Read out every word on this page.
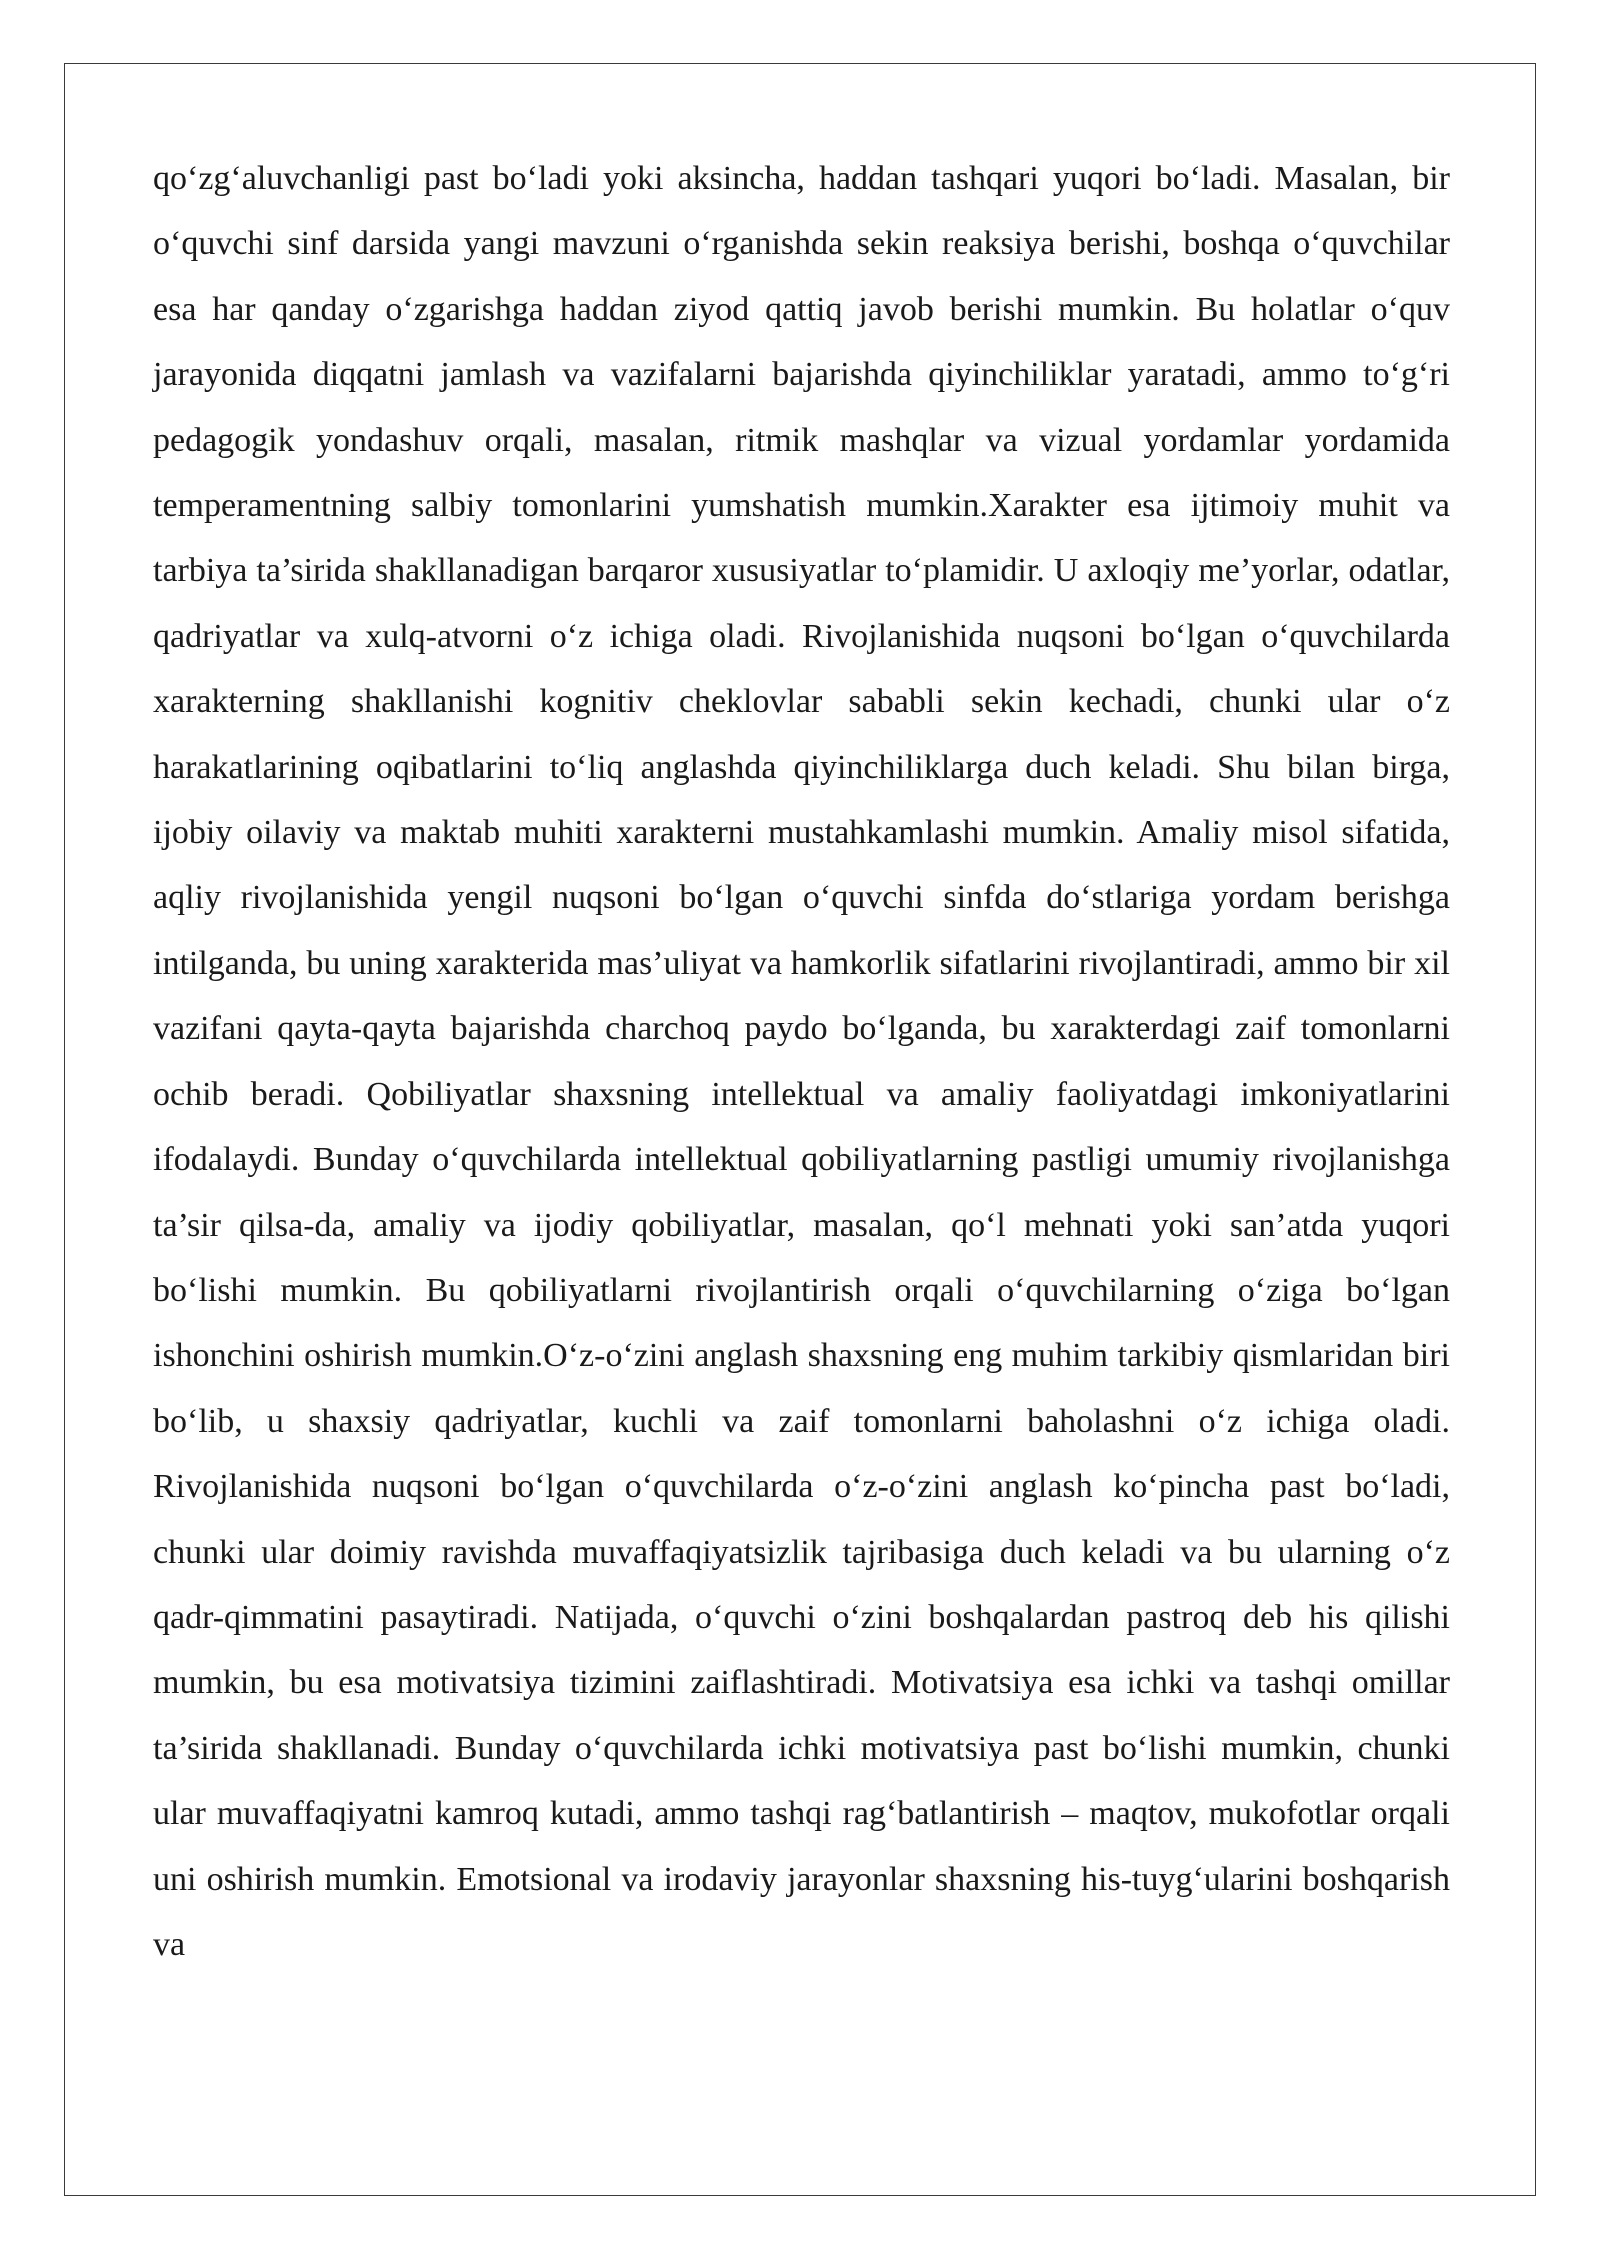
qo‘zg‘aluvchanligi past bo‘ladi yoki aksincha, haddan tashqari yuqori bo‘ladi. Masalan, bir o‘quvchi sinf darsida yangi mavzuni o‘rganishda sekin reaksiya berishi, boshqa o‘quvchilar esa har qanday o‘zgarishga haddan ziyod qattiq javob berishi mumkin. Bu holatlar o‘quv jarayonida diqqatni jamlash va vazifalarni bajarishda qiyinchiliklar yaratadi, ammo to‘g‘ri pedagogik yondashuv orqali, masalan, ritmik mashqlar va vizual yordamlar yordamida temperamentning salbiy tomonlarini yumshatish mumkin.Xarakter esa ijtimoiy muhit va tarbiya ta’sirida shakllanadigan barqaror xususiyatlar to‘plamidir. U axloqiy me’yorlar, odatlar, qadriyatlar va xulq-atvorni o‘z ichiga oladi. Rivojlanishida nuqsoni bo‘lgan o‘quvchilarda xarakterning shakllanishi kognitiv cheklovlar sababli sekin kechadi, chunki ular o‘z harakatlarining oqibatlarini to‘liq anglashda qiyinchiliklarga duch keladi. Shu bilan birga, ijobiy oilaviy va maktab muhiti xarakterni mustahkamlashi mumkin. Amaliy misol sifatida, aqliy rivojlanishida yengil nuqsoni bo‘lgan o‘quvchi sinfda do‘stlariga yordam berishga intilganda, bu uning xarakterida mas’uliyat va hamkorlik sifatlarini rivojlantiradi, ammo bir xil vazifani qayta-qayta bajarishda charchoq paydo bo‘lganda, bu xarakterdagi zaif tomonlarni ochib beradi. Qobiliyatlar shaxsning intellektual va amaliy faoliyatdagi imkoniyatlarini ifodalaydi. Bunday o‘quvchilarda intellektual qobiliyatlarning pastligi umumiy rivojlanishga ta’sir qilsa-da, amaliy va ijodiy qobiliyatlar, masalan, qo‘l mehnati yoki san’atda yuqori bo‘lishi mumkin. Bu qobiliyatlarni rivojlantirish orqali o‘quvchilarning o‘ziga bo‘lgan ishonchini oshirish mumkin.O‘z-o‘zini anglash shaxsning eng muhim tarkibiy qismlaridan biri bo‘lib, u shaxsiy qadriyatlar, kuchli va zaif tomonlarni baholashni o‘z ichiga oladi. Rivojlanishida nuqsoni bo‘lgan o‘quvchilarda o‘z-o‘zini anglash ko‘pincha past bo‘ladi, chunki ular doimiy ravishda muvaffaqiyatsizlik tajribasiga duch keladi va bu ularning o‘z qadr-qimmatini pasaytiradi. Natijada, o‘quvchi o‘zini boshqalardan pastroq deb his qilishi mumkin, bu esa motivatsiya tizimini zaiflashtiradi. Motivatsiya esa ichki va tashqi omillar ta’sirida shakllanadi. Bunday o‘quvchilarda ichki motivatsiya past bo‘lishi mumkin, chunki ular muvaffaqiyatni kamroq kutadi, ammo tashqi rag‘batlantirish – maqtov, mukofotlar orqali uni oshirish mumkin. Emotsional va irodaviy jarayonlar shaxsning his-tuyg‘ularini boshqarish va
